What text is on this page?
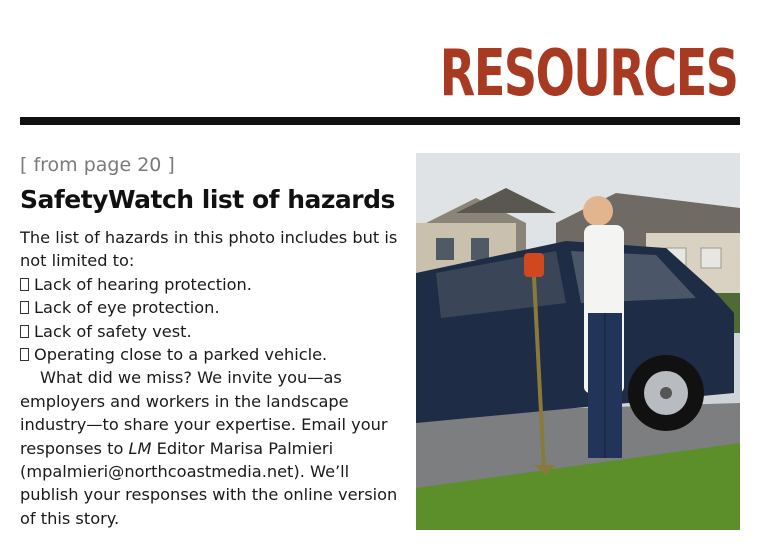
RESOURCES
[ from page 20 ]
SafetyWatch list of hazards

The list of hazards in this photo includes but is not limited to:

Lack of hearing protection.
Lack of eye protection.
Lack of safety vest.
Operating close to a parked vehicle.

What did we miss? We invite you—as employers and workers in the landscape industry—to share your expertise. Email your responses to LM Editor Marisa Palmieri (mpalmieri@northcoastmedia.net). We’ll publish your responses with the online version of this story.
